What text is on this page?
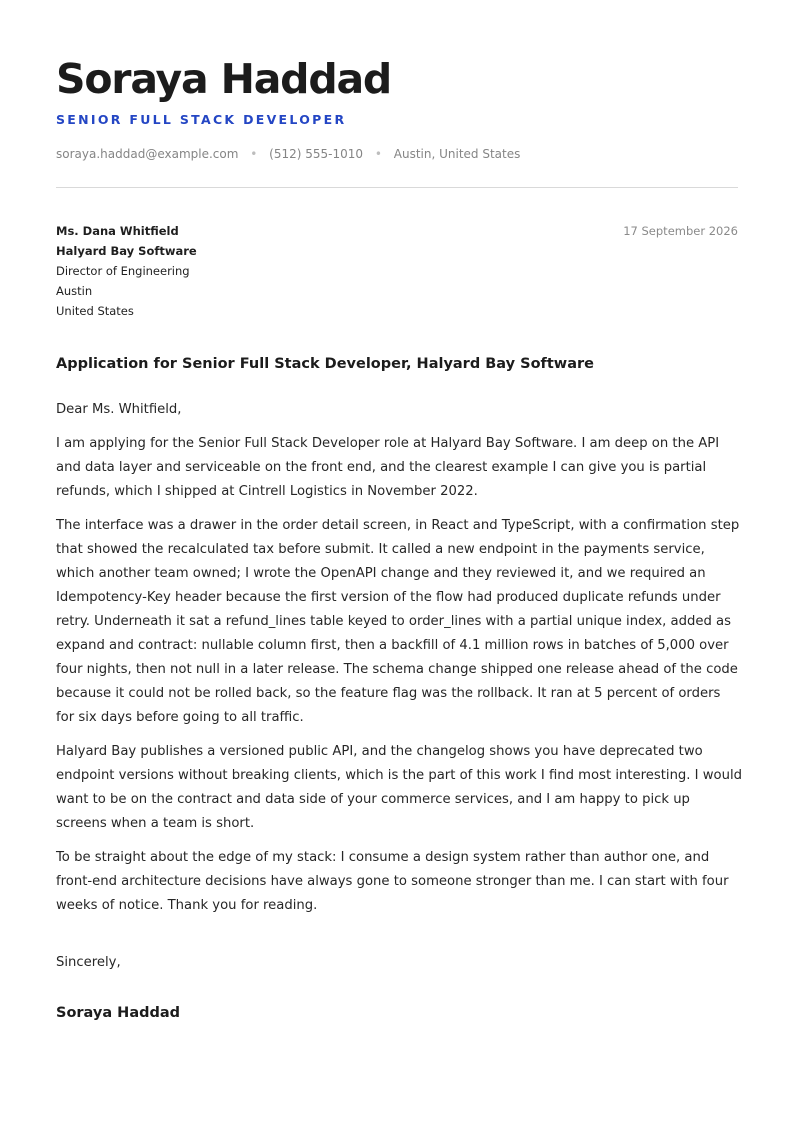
Soraya Haddad
SENIOR FULL STACK DEVELOPER
soraya.haddad@example.com • (512) 555-1010 • Austin, United States
Ms. Dana Whitfield
Halyard Bay Software
Director of Engineering
Austin
United States
17 September 2026
Application for Senior Full Stack Developer, Halyard Bay Software

Dear Ms. Whitfield,

I am applying for the Senior Full Stack Developer role at Halyard Bay Software. I am deep on the API and data layer and serviceable on the front end, and the clearest example I can give you is partial refunds, which I shipped at Cintrell Logistics in November 2022.

The interface was a drawer in the order detail screen, in React and TypeScript, with a confirmation step that showed the recalculated tax before submit. It called a new endpoint in the payments service, which another team owned; I wrote the OpenAPI change and they reviewed it, and we required an Idempotency-Key header because the first version of the flow had produced duplicate refunds under retry. Underneath it sat a refund_lines table keyed to order_lines with a partial unique index, added as expand and contract: nullable column first, then a backfill of 4.1 million rows in batches of 5,000 over four nights, then not null in a later release. The schema change shipped one release ahead of the code because it could not be rolled back, so the feature flag was the rollback. It ran at 5 percent of orders for six days before going to all traffic.

Halyard Bay publishes a versioned public API, and the changelog shows you have deprecated two endpoint versions without breaking clients, which is the part of this work I find most interesting. I would want to be on the contract and data side of your commerce services, and I am happy to pick up screens when a team is short.

To be straight about the edge of my stack: I consume a design system rather than author one, and front-end architecture decisions have always gone to someone stronger than me. I can start with four weeks of notice. Thank you for reading.

Sincerely,
Soraya Haddad
